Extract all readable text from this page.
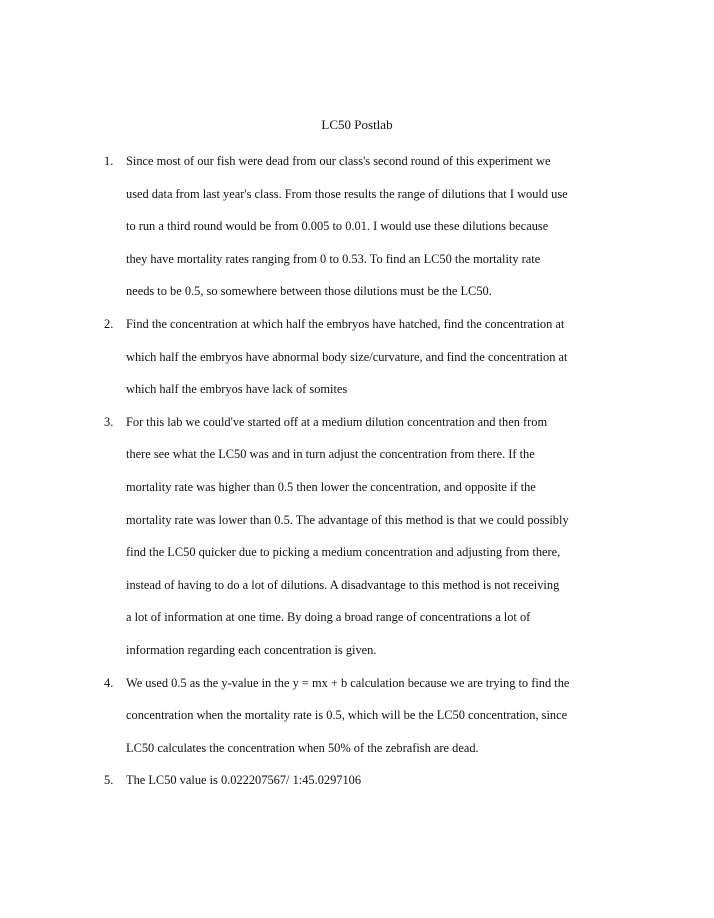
LC50 Postlab
1. Since most of our fish were dead from our class's second round of this experiment we
used data from last year's class. From those results the range of dilutions that I would use
to run a third round would be from 0.005 to 0.01. I would use these dilutions because
they have mortality rates ranging from 0 to 0.53. To find an LC50 the mortality rate
needs to be 0.5, so somewhere between those dilutions must be the LC50.
2. Find the concentration at which half the embryos have hatched, find the concentration at
which half the embryos have abnormal body size/curvature, and find the concentration at
which half the embryos have lack of somites
3. For this lab we could've started off at a medium dilution concentration and then from
there see what the LC50 was and in turn adjust the concentration from there. If the
mortality rate was higher than 0.5 then lower the concentration, and opposite if the
mortality rate was lower than 0.5. The advantage of this method is that we could possibly
find the LC50 quicker due to picking a medium concentration and adjusting from there,
instead of having to do a lot of dilutions. A disadvantage to this method is not receiving
a lot of information at one time. By doing a broad range of concentrations a lot of
information regarding each concentration is given.
4. We used 0.5 as the y-value in the y = mx + b calculation because we are trying to find the
concentration when the mortality rate is 0.5, which will be the LC50 concentration, since
LC50 calculates the concentration when 50% of the zebrafish are dead.
5. The LC50 value is 0.022207567/ 1:45.0297106
